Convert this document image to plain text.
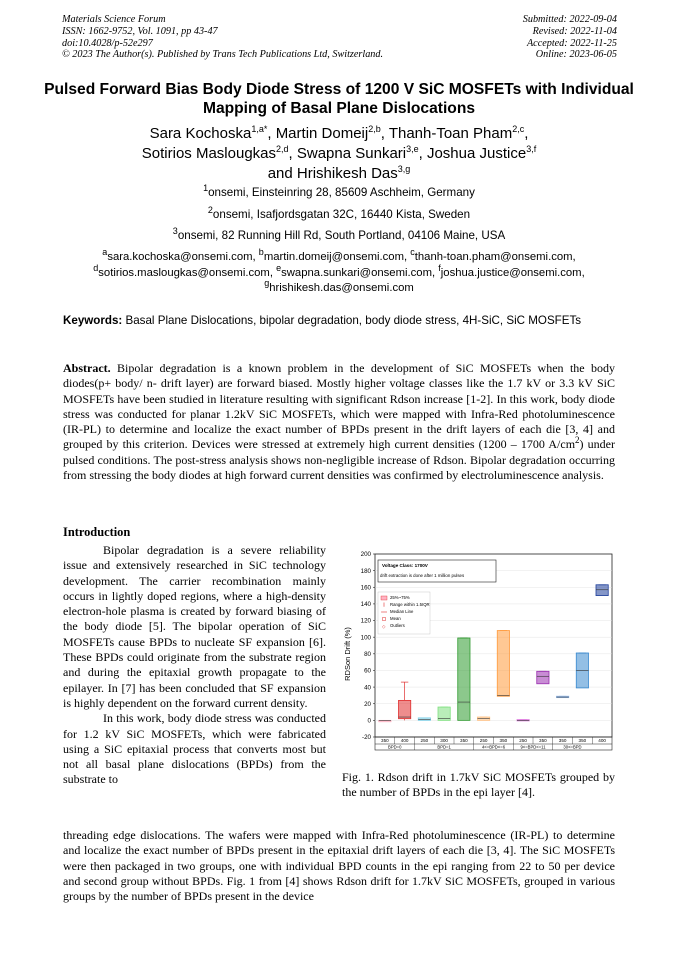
Materials Science Forum
ISSN: 1662-9752, Vol. 1091, pp 43-47
doi:10.4028/p-52e297
© 2023 The Author(s). Published by Trans Tech Publications Ltd, Switzerland.
Submitted: 2022-09-04
Revised: 2022-11-04
Accepted: 2022-11-25
Online: 2023-06-05
Pulsed Forward Bias Body Diode Stress of 1200 V SiC MOSFETs with Individual Mapping of Basal Plane Dislocations
Sara Kochoska$^{1,a*}$, Martin Domeij$^{2,b}$, Thanh-Toan Pham$^{2,c}$,
Sotirios Maslougkas$^{2,d}$, Swapna Sunkari$^{3,e}$, Joshua Justice$^{3,f}$
and Hrishikesh Das$^{3,g}$
$^1$onsemi, Einsteinring 28, 85609 Aschheim, Germany
$^2$onsemi, Isafjordsgatan 32C, 16440 Kista, Sweden
$^3$onsemi, 82 Running Hill Rd, South Portland, 04106 Maine, USA
$^a$sara.kochoska@onsemi.com, $^b$martin.domeij@onsemi.com, $^c$thanh-toan.pham@onsemi.com,
$^d$sotirios.maslougkas@onsemi.com, $^e$swapna.sunkari@onsemi.com, $^f$joshua.justice@onsemi.com,
$^g$hrishikesh.das@onsemi.com
Keywords: Basal Plane Dislocations, bipolar degradation, body diode stress, 4H-SiC, SiC MOSFETs
Abstract. Bipolar degradation is a known problem in the development of SiC MOSFETs when the body diodes(p+ body/ n- drift layer) are forward biased. Mostly higher voltage classes like the 1.7 kV or 3.3 kV SiC MOSFETs have been studied in literature resulting with significant Rdson increase [1-2]. In this work, body diode stress was conducted for planar 1.2kV SiC MOSFETs, which were mapped with Infra-Red photoluminescence (IR-PL) to determine and localize the exact number of BPDs present in the drift layers of each die [3, 4] and grouped by this criterion. Devices were stressed at extremely high current densities (1200 – 1700 $A/cm^2$) under pulsed conditions. The post-stress analysis shows non-negligible increase of Rdson. Bipolar degradation occurring from stressing the body diodes at high forward current densities was confirmed by electroluminescence analysis.
Introduction

Bipolar degradation is a severe reliability issue and extensively researched in SiC technology development. The carrier recombination mainly occurs in lightly doped regions, where a high-density electron-hole plasma is created by forward biasing of the body diode [5]. The bipolar operation of SiC MOSFETs cause BPDs to nucleate SF expansion [6]. These BPDs could originate from the substrate region and during the epitaxial growth propagate to the epilayer. In [7] has been concluded that SF expansion is highly dependent on the forward current density.

In this work, body diode stress was conducted for 1.2 kV SiC MOSFETs, which were fabricated using a SiC epitaxial process that converts most but not all basal plane dislocations (BPDs) from the substrate to

-20
0
20
40
60
80
100
120
140
160
180
200
350	400	250	300	350	250	350	250	350	350	350	400
BPD=0	BPD=1	4<=BPD<=6	9<=BPD<=11	30<=BPD
25%~75%
Range within 1.5IQR
Median Line
Mean
◇ Outliers
RDSon Drift (%)
Voltage Class: 1700V
drift extraction is done after 1 million pulses
Fig. 1. Rdson drift in 1.7kV SiC MOSFETs grouped by the number of BPDs in the epi layer [4].
threading edge dislocations. The wafers were mapped with Infra-Red photoluminescence (IR-PL) to determine and localize the exact number of BPDs present in the epitaxial drift layers of each die [3, 4]. The SiC MOSFETs were then packaged in two groups, one with individual BPD counts in the epi ranging from 22 to 50 per device and second group without BPDs. Fig. 1 from [4] shows Rdson drift for 1.7kV SiC MOSFETs, grouped in various groups by the number of BPDs present in the device
